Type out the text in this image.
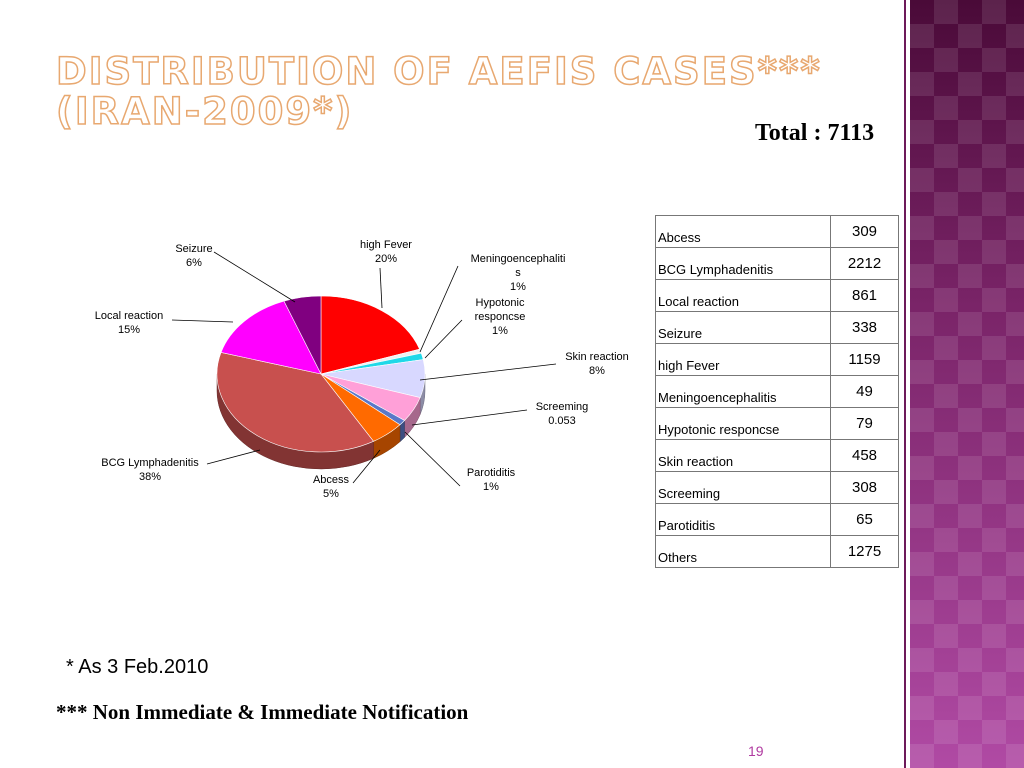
DISTRIBUTION OF AEFIS CASES***
(IRAN-2009*)	Total : 7113
high Fever 20%	Meningoencephaliti s 1%
Hypotonic responcse 1%
Skin reaction 8%
Screeming 0.053
Parotiditis 1%
Abcess 5%
BCG Lymphadenitis 38%
Local reaction 15%
Seizure 6%
Abcess	309
BCG Lymphadenitis	2212
Local reaction	861
Seizure	338
high Fever	1159
Meningoencephalitis	49
Hypotonic responcse	79
Skin reaction	458
Screeming	308
Parotiditis	65
Others	1275
* As 3 Feb.2010
*** Non Immediate & Immediate Notification
19
